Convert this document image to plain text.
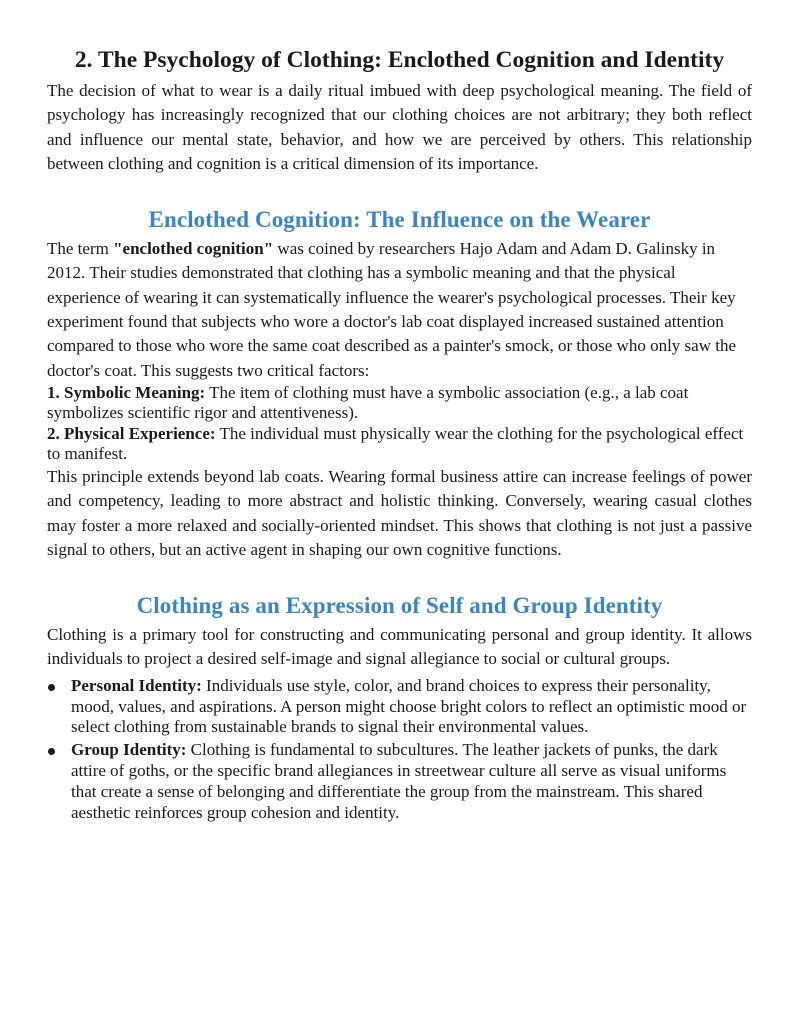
2. The Psychology of Clothing: Enclothed Cognition and Identity

The decision of what to wear is a daily ritual imbued with deep psychological meaning. The field of psychology has increasingly recognized that our clothing choices are not arbitrary; they both reflect and influence our mental state, behavior, and how we are perceived by others. This relationship between clothing and cognition is a critical dimension of its importance.

Enclothed Cognition: The Influence on the Wearer

The term "enclothed cognition" was coined by researchers Hajo Adam and Adam D. Galinsky in 2012. Their studies demonstrated that clothing has a symbolic meaning and that the physical experience of wearing it can systematically influence the wearer's psychological processes. Their key experiment found that subjects who wore a doctor's lab coat displayed increased sustained attention compared to those who wore the same coat described as a painter's smock, or those who only saw the doctor's coat. This suggests two critical factors:

1. Symbolic Meaning: The item of clothing must have a symbolic association (e.g., a lab coat symbolizes scientific rigor and attentiveness).

2. Physical Experience: The individual must physically wear the clothing for the psychological effect to manifest.

This principle extends beyond lab coats. Wearing formal business attire can increase feelings of power and competency, leading to more abstract and holistic thinking. Conversely, wearing casual clothes may foster a more relaxed and socially-oriented mindset. This shows that clothing is not just a passive signal to others, but an active agent in shaping our own cognitive functions.

Clothing as an Expression of Self and Group Identity

Clothing is a primary tool for constructing and communicating personal and group identity. It allows individuals to project a desired self-image and signal allegiance to social or cultural groups.

Personal Identity: Individuals use style, color, and brand choices to express their personality, mood, values, and aspirations. A person might choose bright colors to reflect an optimistic mood or select clothing from sustainable brands to signal their environmental values.
Group Identity: Clothing is fundamental to subcultures. The leather jackets of punks, the dark attire of goths, or the specific brand allegiances in streetwear culture all serve as visual uniforms that create a sense of belonging and differentiate the group from the mainstream. This shared aesthetic reinforces group cohesion and identity.
